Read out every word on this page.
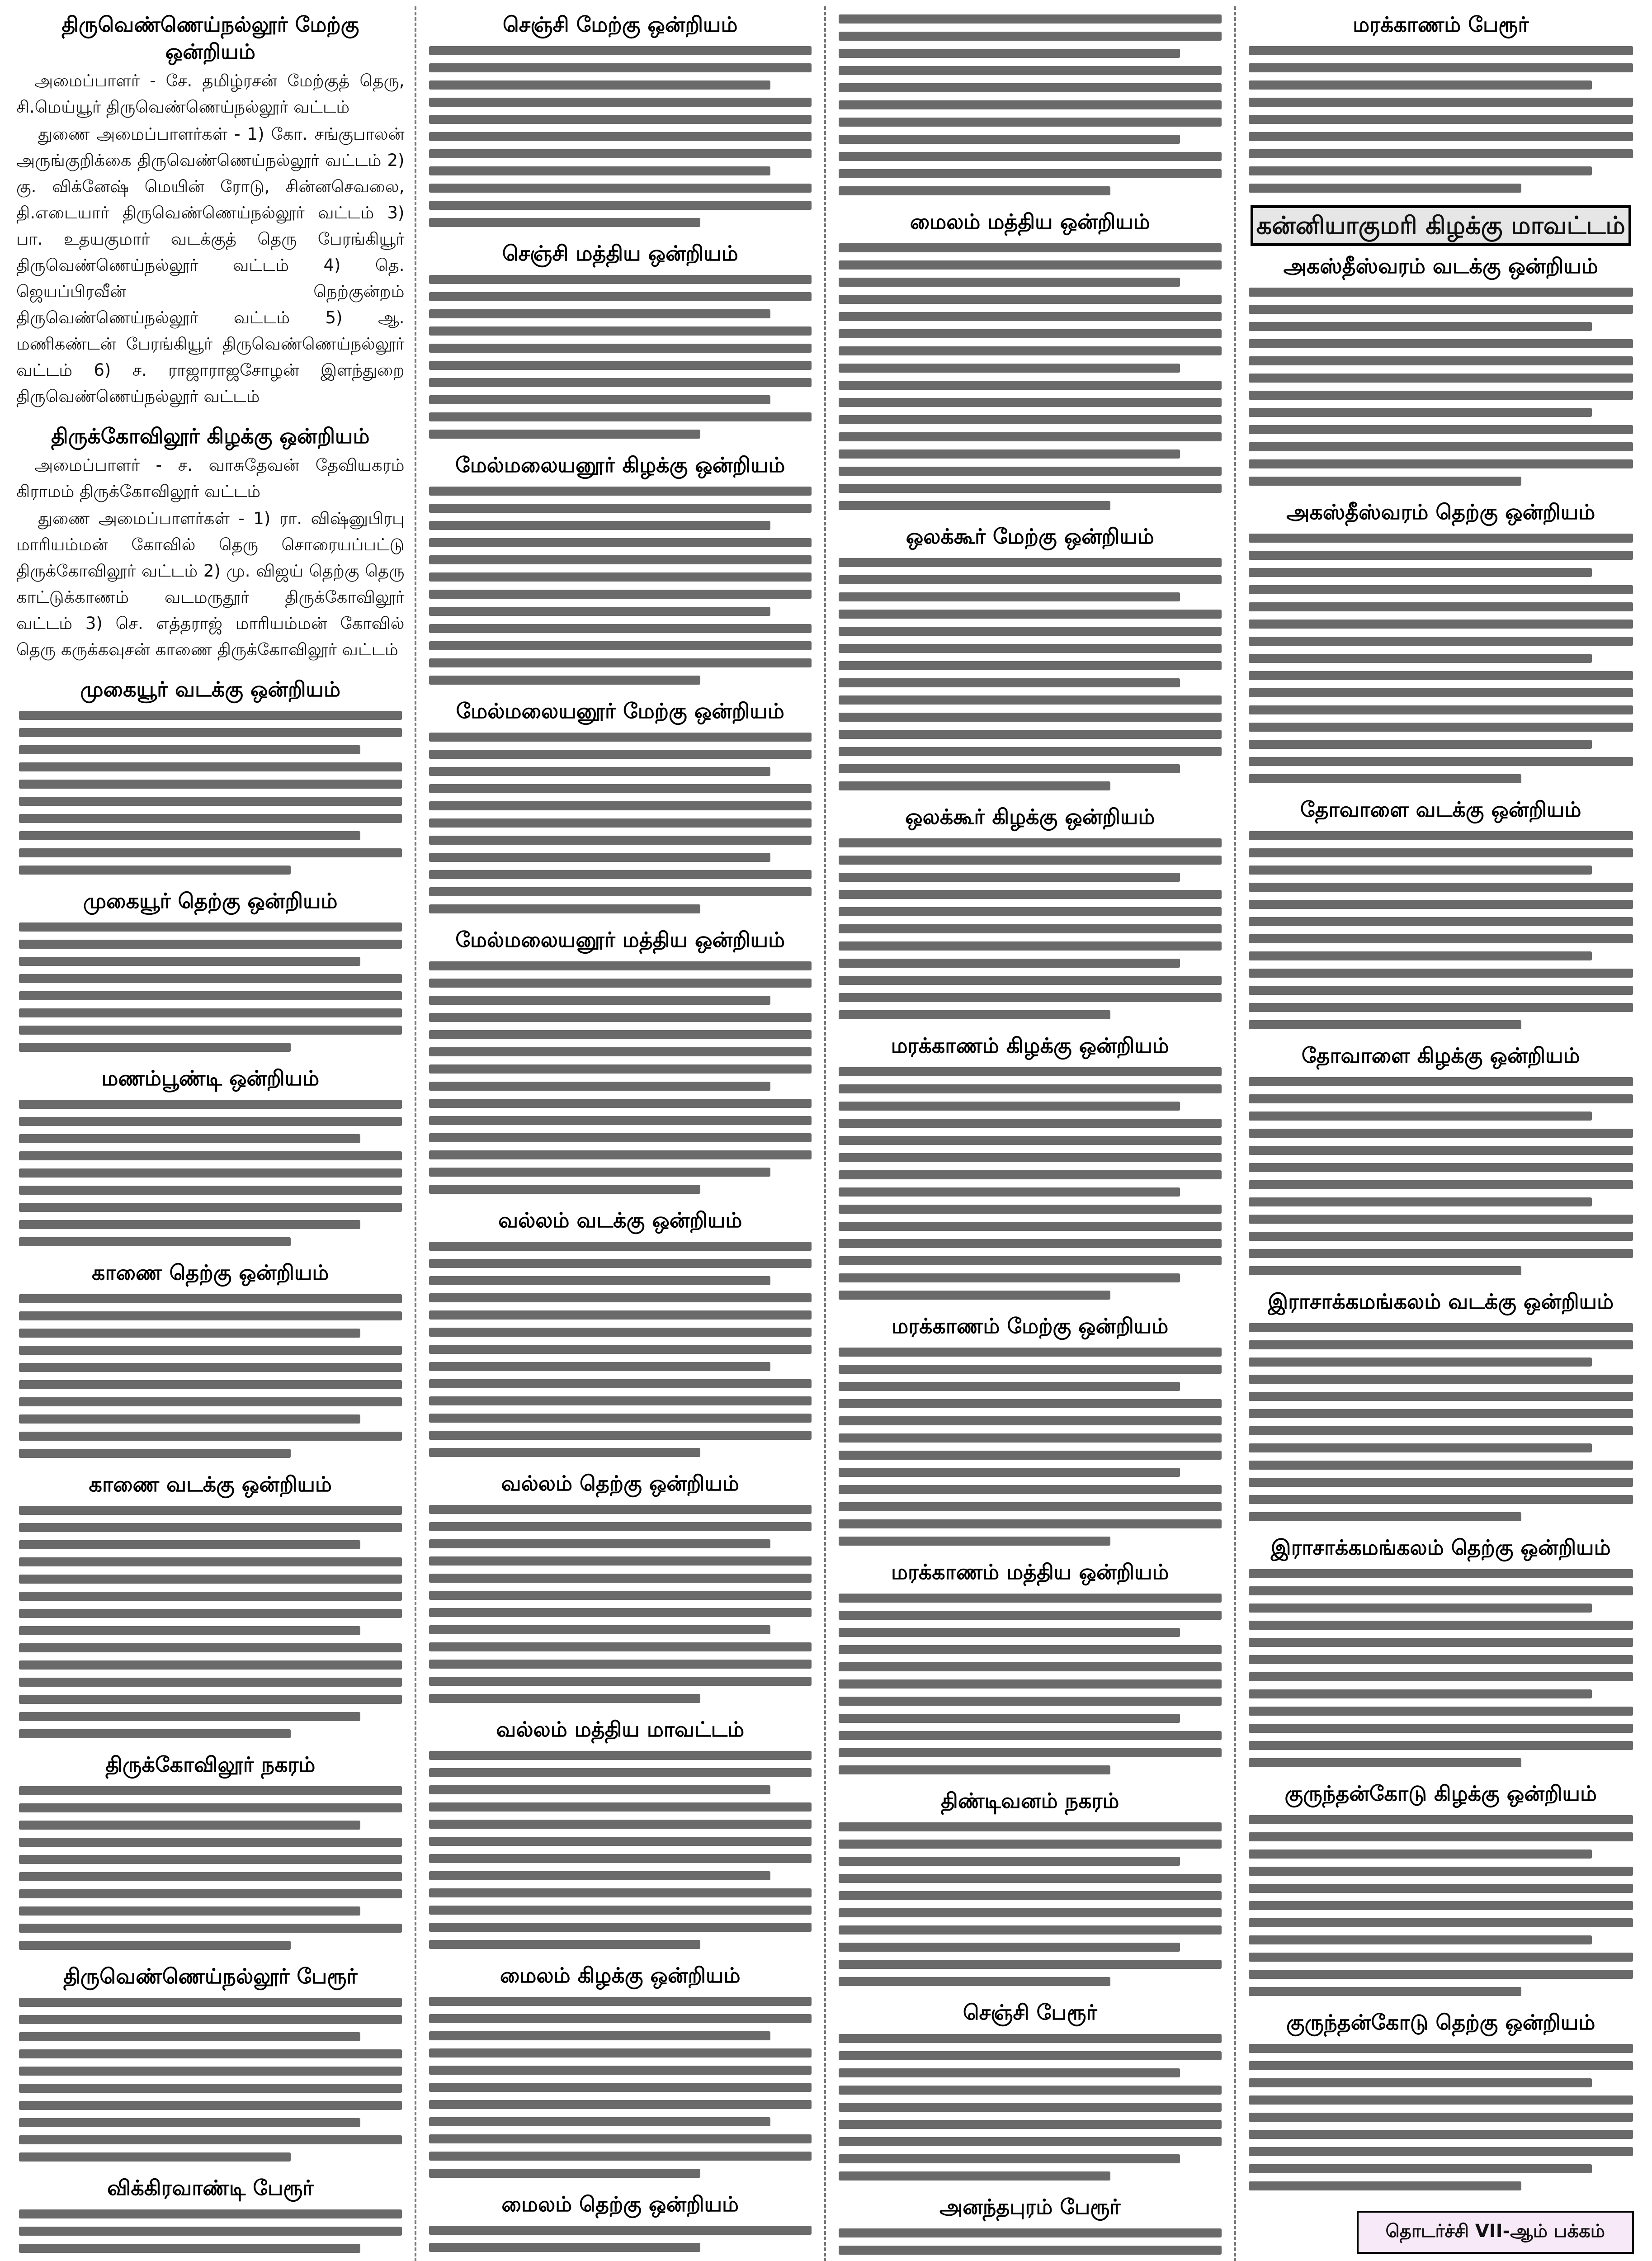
திருவெண்ணெய்நல்லூர் மேற்கு ஒன்றியம்
அமைப்பாளர் - சே. தமிழ்ரசன் மேற்குத் தெரு, சி.மெய்யூர் திருவெண்ணெய்நல்லூர் வட்டம்
துணை அமைப்பாளர்கள் - 1) கோ. சங்குபாலன் அருங்குறிக்கை திருவெண்ணெய்நல்லூர் வட்டம் 2) கு. விக்னேஷ் மெயின் ரோடு, சின்னசெவலை, தி.எடையார் திருவெண்ணெய்நல்லூர் வட்டம் 3) பா. உதயகுமார் வடக்குத் தெரு பேரங்கியூர் திருவெண்ணெய்நல்லூர் வட்டம் 4) தெ. ஜெயப்பிரவீன் நெற்குன்றம் திருவெண்ணெய்நல்லூர் வட்டம் 5) ஆ. மணிகண்டன் பேரங்கியூர் திருவெண்ணெய்நல்லூர் வட்டம் 6) ச. ராஜாராஜசோழன் இளந்துறை திருவெண்ணெய்நல்லூர் வட்டம்
திருக்கோவிலூர் கிழக்கு ஒன்றியம்
அமைப்பாளர் - ச. வாசுதேவன் தேவியகரம் கிராமம் திருக்கோவிலூர் வட்டம்
துணை அமைப்பாளர்கள் - 1) ரா. விஷ்னுபிரபு மாரியம்மன் கோவில் தெரு சொரையப்பட்டு திருக்கோவிலூர் வட்டம் 2) மு. விஜய் தெற்கு தெரு காட்டுக்காணம் வடமருதூர் திருக்கோவிலூர் வட்டம் 3) செ. எத்தராஜ் மாரியம்மன் கோவில் தெரு கருக்கவுசன் காணை திருக்கோவிலூர் வட்டம்
முகையூர் வடக்கு ஒன்றியம்
முகையூர் தெற்கு ஒன்றியம்
மணம்பூண்டி ஒன்றியம்
காணை தெற்கு ஒன்றியம்
காணை வடக்கு ஒன்றியம்
திருக்கோவிலூர் நகரம்
திருவெண்ணெய்நல்லூர் பேரூர்
விக்கிரவாண்டி பேரூர்
செஞ்சி மேற்கு ஒன்றியம்
செஞ்சி மத்திய ஒன்றியம்
மேல்மலையனூர் கிழக்கு ஒன்றியம்
மேல்மலையனூர் மேற்கு ஒன்றியம்
மேல்மலையனூர் மத்திய ஒன்றியம்
வல்லம் வடக்கு ஒன்றியம்
வல்லம் தெற்கு ஒன்றியம்
வல்லம் மத்திய மாவட்டம்
மைலம் கிழக்கு ஒன்றியம்
மைலம் தெற்கு ஒன்றியம்
மைலம் மத்திய ஒன்றியம்
ஒலக்கூர் மேற்கு ஒன்றியம்
ஒலக்கூர் கிழக்கு ஒன்றியம்
மரக்காணம் கிழக்கு ஒன்றியம்
மரக்காணம் மேற்கு ஒன்றியம்
மரக்காணம் மத்திய ஒன்றியம்
திண்டிவனம் நகரம்
செஞ்சி பேரூர்
அனந்தபுரம் பேரூர்
மரக்காணம் பேரூர்
கன்னியாகுமரி கிழக்கு மாவட்டம்
அகஸ்தீஸ்வரம் வடக்கு ஒன்றியம்
அகஸ்தீஸ்வரம் தெற்கு ஒன்றியம்
தோவாளை வடக்கு ஒன்றியம்
தோவாளை கிழக்கு ஒன்றியம்
இராசாக்கமங்கலம் வடக்கு ஒன்றியம்
இராசாக்கமங்கலம் தெற்கு ஒன்றியம்
குருந்தன்கோடு கிழக்கு ஒன்றியம்
குருந்தன்கோடு தெற்கு ஒன்றியம்
தொடர்ச்சி VII-ஆம் பக்கம்
